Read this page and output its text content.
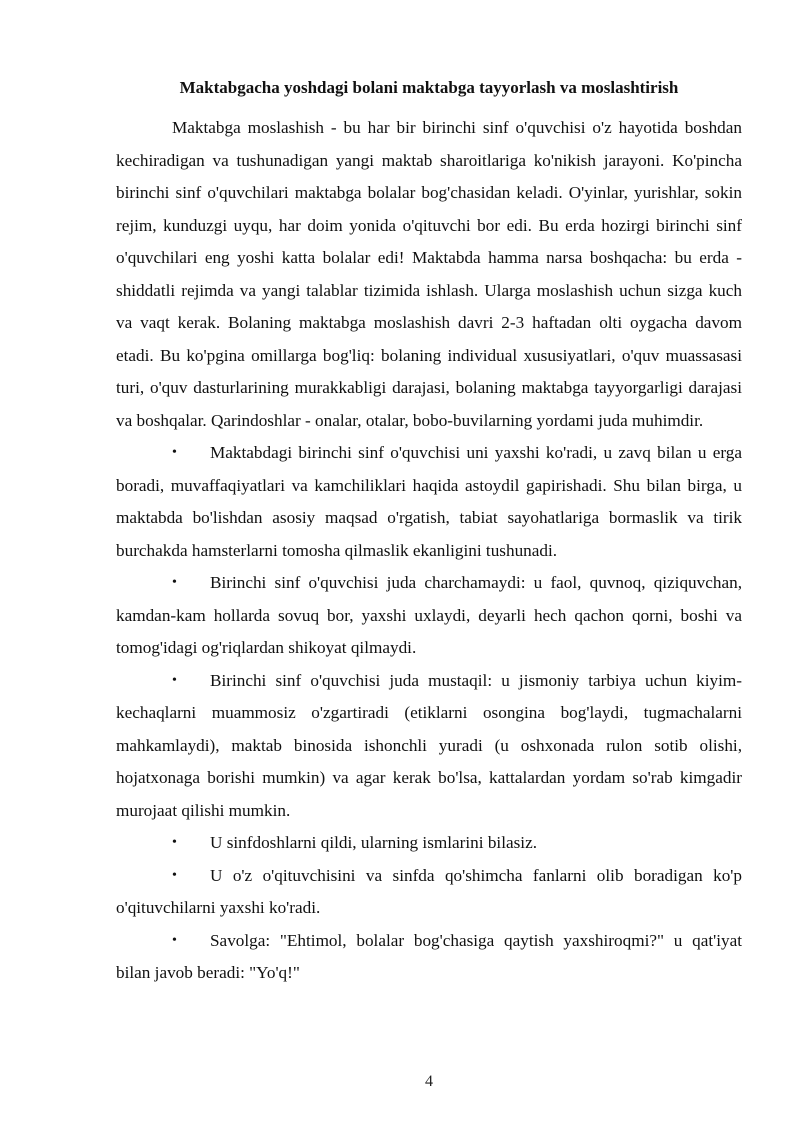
Maktabgacha yoshdagi bolani maktabga tayyorlash va moslashtirish

Maktabga moslashish - bu har bir birinchi sinf o'quvchisi o'z hayotida boshdan kechiradigan va tushunadigan yangi maktab sharoitlariga ko'nikish jarayoni. Ko'pincha birinchi sinf o'quvchilari maktabga bolalar bog'chasidan keladi. O'yinlar, yurishlar, sokin rejim, kunduzgi uyqu, har doim yonida o'qituvchi bor edi. Bu erda hozirgi birinchi sinf o'quvchilari eng yoshi katta bolalar edi! Maktabda hamma narsa boshqacha: bu erda - shiddatli rejimda va yangi talablar tizimida ishlash. Ularga moslashish uchun sizga kuch va vaqt kerak. Bolaning maktabga moslashish davri 2-3 haftadan olti oygacha davom etadi. Bu ko'pgina omillarga bog'liq: bolaning individual xususiyatlari, o'quv muassasasi turi, o'quv dasturlarining murakkabligi darajasi, bolaning maktabga tayyorgarligi darajasi va boshqalar. Qarindoshlar - onalar, otalar, bobo-buvilarning yordami juda muhimdir.

• Maktabdagi birinchi sinf o'quvchisi uni yaxshi ko'radi, u zavq bilan u erga boradi, muvaffaqiyatlari va kamchiliklari haqida astoydil gapirishadi. Shu bilan birga, u maktabda bo'lishdan asosiy maqsad o'rgatish, tabiat sayohatlariga bormaslik va tirik burchakda hamsterlarni tomosha qilmaslik ekanligini tushunadi.
• Birinchi sinf o'quvchisi juda charchamaydi: u faol, quvnoq, qiziquvchan, kamdan-kam hollarda sovuq bor, yaxshi uxlaydi, deyarli hech qachon qorni, boshi va tomog'idagi og'riqlardan shikoyat qilmaydi.
• Birinchi sinf o'quvchisi juda mustaqil: u jismoniy tarbiya uchun kiyim-kechaqlarni muammosiz o'zgartiradi (etiklarni osongina bog'laydi, tugmachalarni mahkamlaydi), maktab binosida ishonchli yuradi (u oshxonada rulon sotib olishi, hojatxonaga borishi mumkin) va agar kerak bo'lsa, kattalardan yordam so'rab kimgadir murojaat qilishi mumkin.
• U sinfdoshlarni qildi, ularning ismlarini bilasiz.
• U o'z o'qituvchisini va sinfda qo'shimcha fanlarni olib boradigan ko'p o'qituvchilarni yaxshi ko'radi.
• Savolga: "Ehtimol, bolalar bog'chasiga qaytish yaxshiroqmi?" u qat'iyat bilan javob beradi: "Yo'q!"
4
